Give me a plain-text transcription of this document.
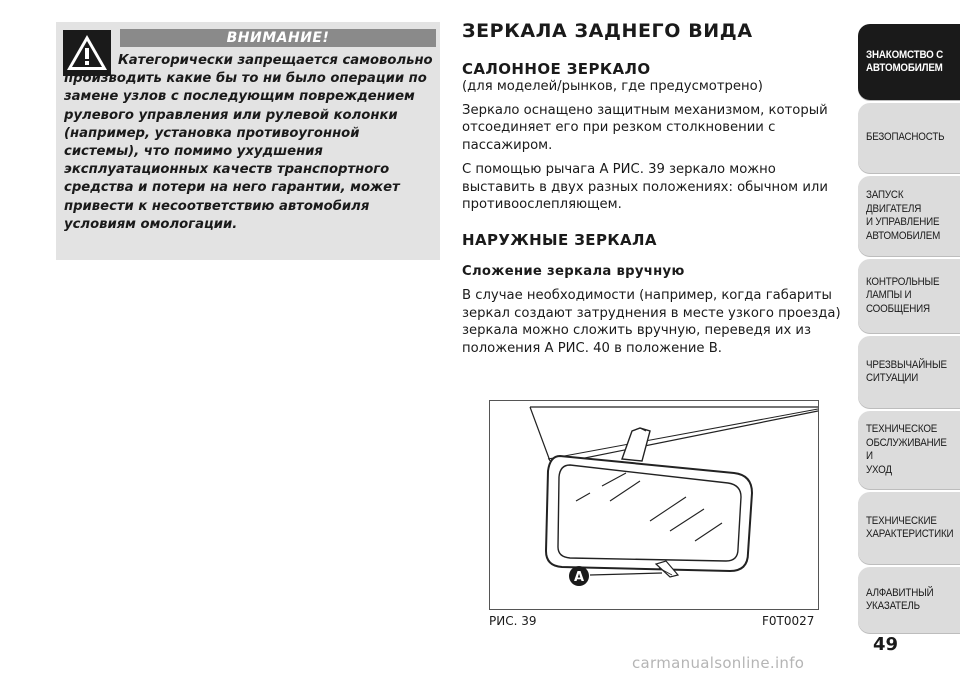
ВНИМАНИЕ!
Категорически запрещается самовольно производить какие бы то ни было операции по замене узлов с последующим повреждением рулевого управления или рулевой колонки (например, установка противоугонной системы), что помимо ухудшения эксплуатационных качеств транспортного средства и потери на него гарантии, может привести к несоответствию автомобиля условиям омологации.
ЗЕРКАЛА ЗАДНЕГО ВИДА
САЛОННОЕ ЗЕРКАЛО
(для моделей/рынков, где предусмотрено)
Зеркало оснащено защитным механизмом, который отсоединяет его при резком столкновении с пассажиром.
С помощью рычага A РИС. 39 зеркало можно выставить в двух разных положениях: обычном или противоослепляющем.
НАРУЖНЫЕ ЗЕРКАЛА
Сложение зеркала вручную
В случае необходимости (например, когда габариты зеркал создают затруднения в месте узкого проезда) зеркала можно сложить вручную, переведя их из положения A РИС. 40 в положение B.
A
РИС. 39	F0T0027
ЗНАКОМСТВО С
АВТОМОБИЛЕМ
БЕЗОПАСНОСТЬ
ЗАПУСК ДВИГАТЕЛЯ
И УПРАВЛЕНИЕ
АВТОМОБИЛЕМ
КОНТРОЛЬНЫЕ
ЛАМПЫ И
СООБЩЕНИЯ
ЧРЕЗВЫЧАЙНЫЕ
СИТУАЦИИ
ТЕХНИЧЕСКОЕ
ОБСЛУЖИВАНИЕ И
УХОД
ТЕХНИЧЕСКИЕ
ХАРАКТЕРИСТИКИ
АЛФАВИТНЫЙ
УКАЗАТЕЛЬ
49
carmanualsonline.info
